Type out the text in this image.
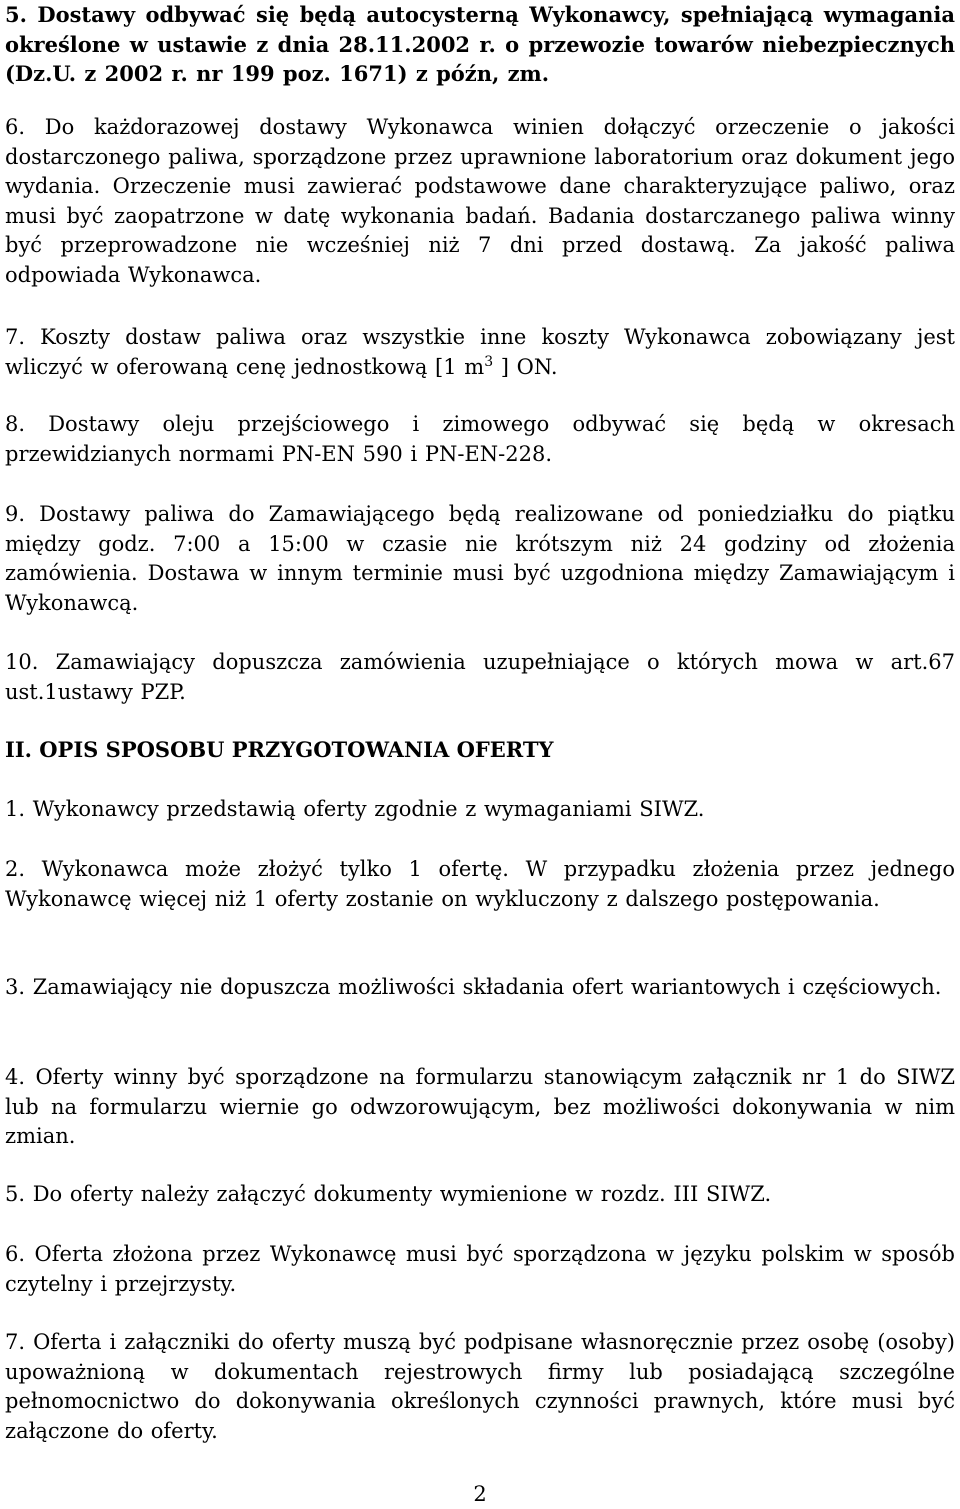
5. Dostawy odbywać się będą autocysterną Wykonawcy, spełniającą wymagania określone w ustawie z dnia 28.11.2002 r. o przewozie towarów niebezpiecznych (Dz.U. z 2002 r. nr 199 poz. 1671) z późn, zm.

6. Do każdorazowej dostawy Wykonawca winien dołączyć orzeczenie o jakości dostarczonego paliwa, sporządzone przez uprawnione laboratorium oraz dokument jego wydania. Orzeczenie musi zawierać podstawowe dane charakteryzujące paliwo, oraz musi być zaopatrzone w datę wykonania badań. Badania dostarczanego paliwa winny być przeprowadzone nie wcześniej niż 7 dni przed dostawą. Za jakość paliwa odpowiada Wykonawca.

7. Koszty dostaw paliwa oraz wszystkie inne koszty Wykonawca zobowiązany jest wliczyć w oferowaną cenę jednostkową [1 $m^3$ ] ON.

8. Dostawy oleju przejściowego i zimowego odbywać się będą w okresach przewidzianych normami PN-EN 590 i PN-EN-228.

9. Dostawy paliwa do Zamawiającego będą realizowane od poniedziałku do piątku między godz. 7:00 a 15:00 w czasie nie krótszym niż 24 godziny od złożenia zamówienia. Dostawa w innym terminie musi być uzgodniona między Zamawiającym i Wykonawcą.

10. Zamawiający dopuszcza zamówienia uzupełniające o których mowa w art.67 ust.1ustawy PZP.

II. OPIS SPOSOBU PRZYGOTOWANIA OFERTY

1. Wykonawcy przedstawią oferty zgodnie z wymaganiami SIWZ.

2. Wykonawca może złożyć tylko 1 ofertę. W przypadku złożenia przez jednego Wykonawcę więcej niż 1 oferty zostanie on wykluczony z dalszego postępowania.

3. Zamawiający nie dopuszcza możliwości składania ofert wariantowych i częściowych.

4. Oferty winny być sporządzone na formularzu stanowiącym załącznik nr 1 do SIWZ lub na formularzu wiernie go odwzorowującym, bez możliwości dokonywania w nim zmian.

5. Do oferty należy załączyć dokumenty wymienione w rozdz. III SIWZ.

6. Oferta złożona przez Wykonawcę musi być sporządzona w języku polskim w sposób czytelny i przejrzysty.

7. Oferta i załączniki do oferty muszą być podpisane własnoręcznie przez osobę (osoby) upoważnioną w dokumentach rejestrowych firmy lub posiadającą szczególne pełnomocnictwo do dokonywania określonych czynności prawnych, które musi być załączone do oferty.

2
